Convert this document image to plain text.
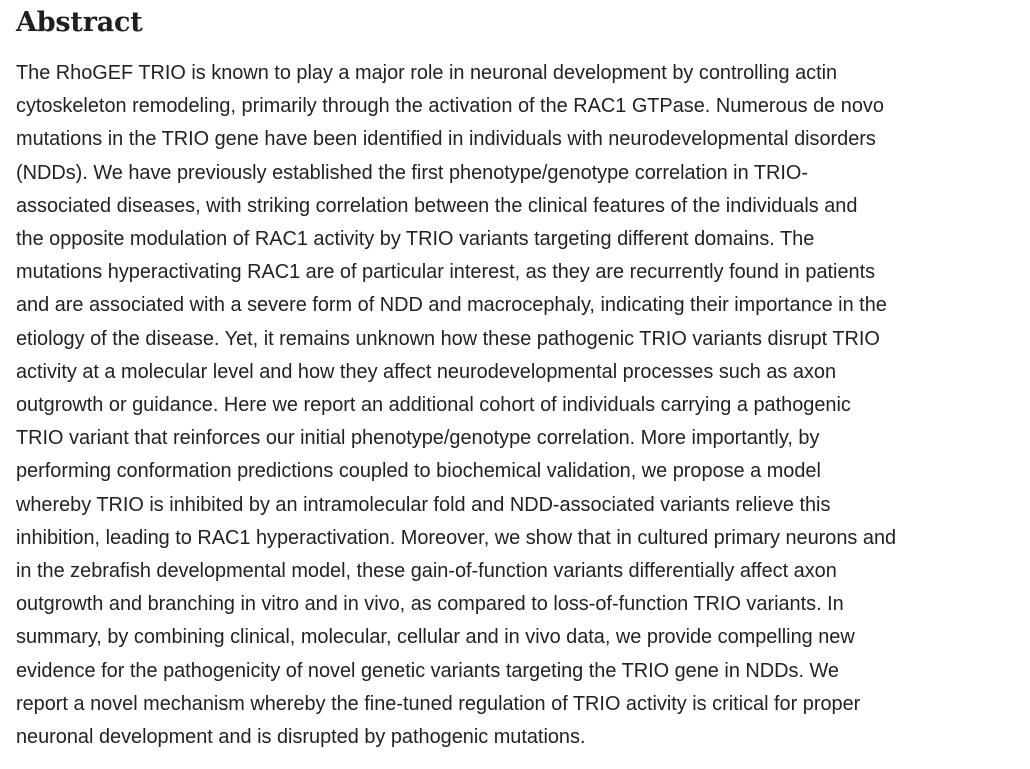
Abstract

The RhoGEF TRIO is known to play a major role in neuronal development by controlling actin
cytoskeleton remodeling, primarily through the activation of the RAC1 GTPase. Numerous de novo
mutations in the TRIO gene have been identified in individuals with neurodevelopmental disorders
(NDDs). We have previously established the first phenotype/genotype correlation in TRIO-
associated diseases, with striking correlation between the clinical features of the individuals and
the opposite modulation of RAC1 activity by TRIO variants targeting different domains. The
mutations hyperactivating RAC1 are of particular interest, as they are recurrently found in patients
and are associated with a severe form of NDD and macrocephaly, indicating their importance in the
etiology of the disease. Yet, it remains unknown how these pathogenic TRIO variants disrupt TRIO
activity at a molecular level and how they affect neurodevelopmental processes such as axon
outgrowth or guidance. Here we report an additional cohort of individuals carrying a pathogenic
TRIO variant that reinforces our initial phenotype/genotype correlation. More importantly, by
performing conformation predictions coupled to biochemical validation, we propose a model
whereby TRIO is inhibited by an intramolecular fold and NDD-associated variants relieve this
inhibition, leading to RAC1 hyperactivation. Moreover, we show that in cultured primary neurons and
in the zebrafish developmental model, these gain-of-function variants differentially affect axon
outgrowth and branching in vitro and in vivo, as compared to loss-of-function TRIO variants. In
summary, by combining clinical, molecular, cellular and in vivo data, we provide compelling new
evidence for the pathogenicity of novel genetic variants targeting the TRIO gene in NDDs. We
report a novel mechanism whereby the fine-tuned regulation of TRIO activity is critical for proper
neuronal development and is disrupted by pathogenic mutations.
